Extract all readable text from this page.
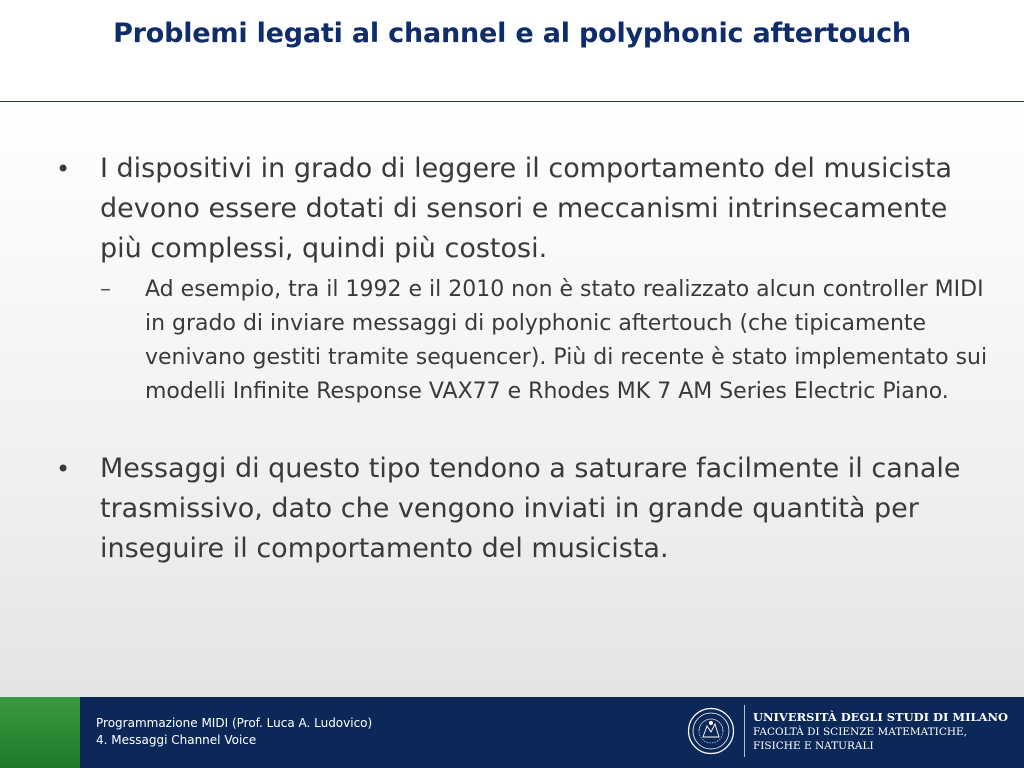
Problemi legati al channel e al polyphonic aftertouch
• I dispositivi in grado di leggere il comportamento del musicista devono essere dotati di sensori e meccanismi intrinsecamente più complessi, quindi più costosi.
– Ad esempio, tra il 1992 e il 2010 non è stato realizzato alcun controller MIDI in grado di inviare messaggi di polyphonic aftertouch (che tipicamente venivano gestiti tramite sequencer). Più di recente è stato implementato sui modelli Infinite Response VAX77 e Rhodes MK 7 AM Series Electric Piano.
• Messaggi di questo tipo tendono a saturare facilmente il canale trasmissivo, dato che vengono inviati in grande quantità per inseguire il comportamento del musicista.
Programmazione MIDI (Prof. Luca A. Ludovico)
4. Messaggi Channel Voice
UNIVERSITÀ DEGLI STUDI DI MILANO
FACOLTÀ DI SCIENZE MATEMATICHE,
FISICHE E NATURALI
